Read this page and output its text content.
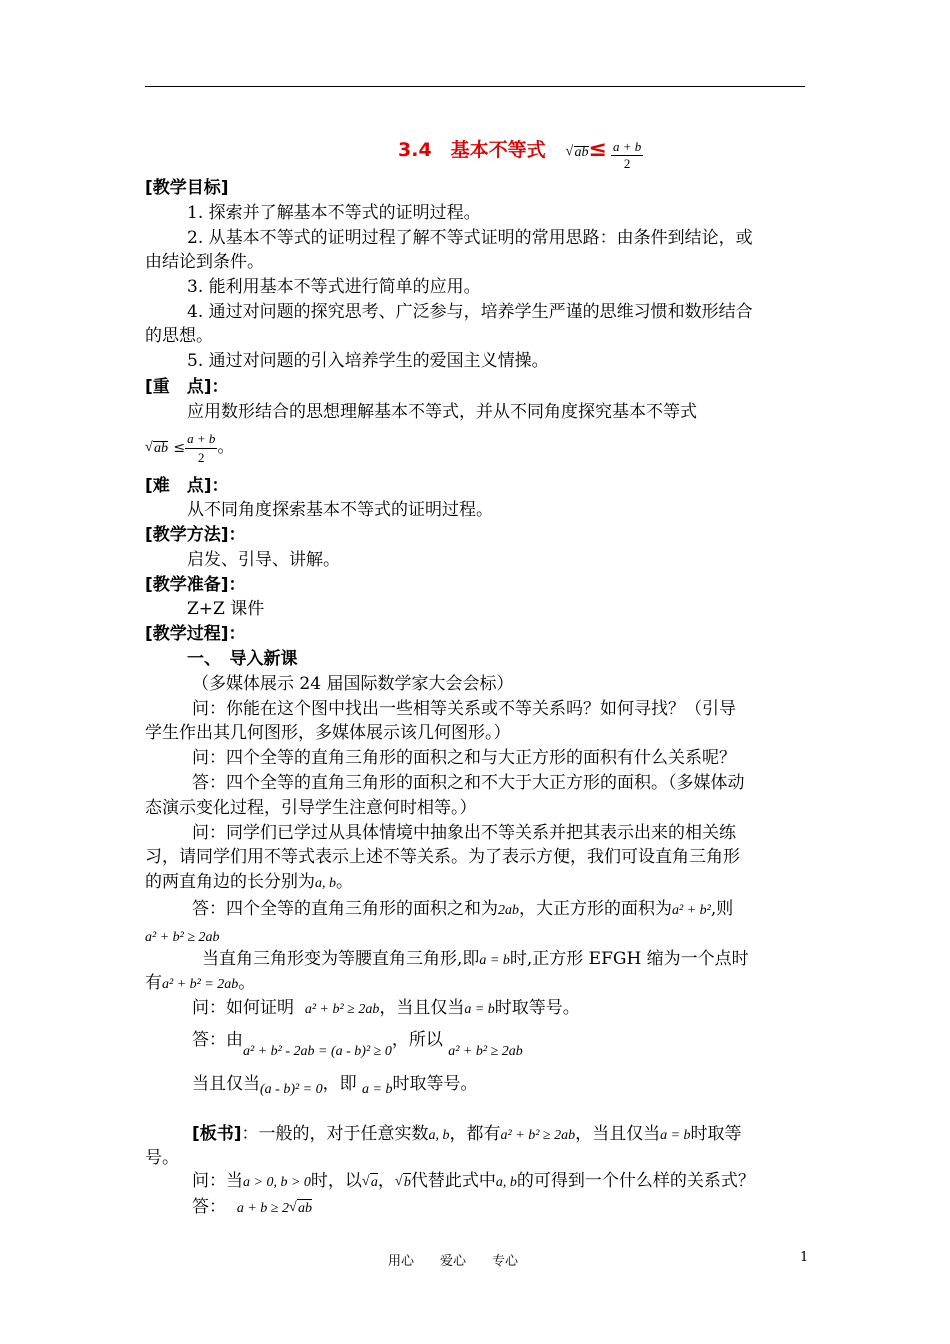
3.4　基本不等式 √ $ab\le \frac{a + b}{2}$
[教学目标]
1. 探索并了解基本不等式的证明过程。
2. 从基本不等式的证明过程了解不等式证明的常用思路：由条件到结论，或
由结论到条件。
3. 能利用基本不等式进行简单的应用。
4. 通过对问题的探究思考、广泛参与，培养学生严谨的思维习惯和数形结合
的思想。
5. 通过对问题的引入培养学生的爱国主义情操。
[重　点]：
应用数形结合的思想理解基本不等式，并从不同角度探究基本不等式
√ ab ≤ $\frac{a + b}{2}$ 。
[难　点]：
从不同角度探索基本不等式的证明过程。
[教学方法]：
启发、引导、讲解。
[教学准备]：
Z+Z 课件
[教学过程]：
一、　导入新课
（多媒体展示 24 届国际数学家大会会标）
问：你能在这个图中找出一些相等关系或不等关系吗？如何寻找？（引导
学生作出其几何图形，多媒体展示该几何图形。）
问：四个全等的直角三角形的面积之和与大正方形的面积有什么关系呢？
答：四个全等的直角三角形的面积之和不大于大正方形的面积。（多媒体动
态演示变化过程，引导学生注意何时相等。）
问：同学们已学过从具体情境中抽象出不等关系并把其表示出来的相关练
习，请同学们用不等式表示上述不等关系。为了表示方便，我们可设直角三角形
的两直角边的长分别为a, b。
答：四个全等的直角三角形的面积之和为2ab，大正方形的面积为a² + b²,则
a² + b² ≥ 2ab
当直角三角形变为等腰直角三角形,即a = b时,正方形 EFGH 缩为一个点时
有a² + b² = 2ab。
问：如何证明 a² + b² ≥ 2ab，当且仅当a = b时取等号。
答：由$_{a^2 + b^2 - 2ab = (a - b)^2 \ge 0}$，所以 $_{a^2 + b^2 \ge 2ab}$
当且仅当$_{(a - b)^2 = 0}$，即 $_{a = b}$时取等号。
[板书]：一般的，对于任意实数a, b，都有a² + b² ≥ 2ab，当且仅当a = b时取等
号。
问：当a > 0, b > 0时，以 √ a， √ b代替此式中a, b的可得到一个什么样的关系式？
答： a + b ≥ 2 √ ab
用心　　爱心　　专心	1
